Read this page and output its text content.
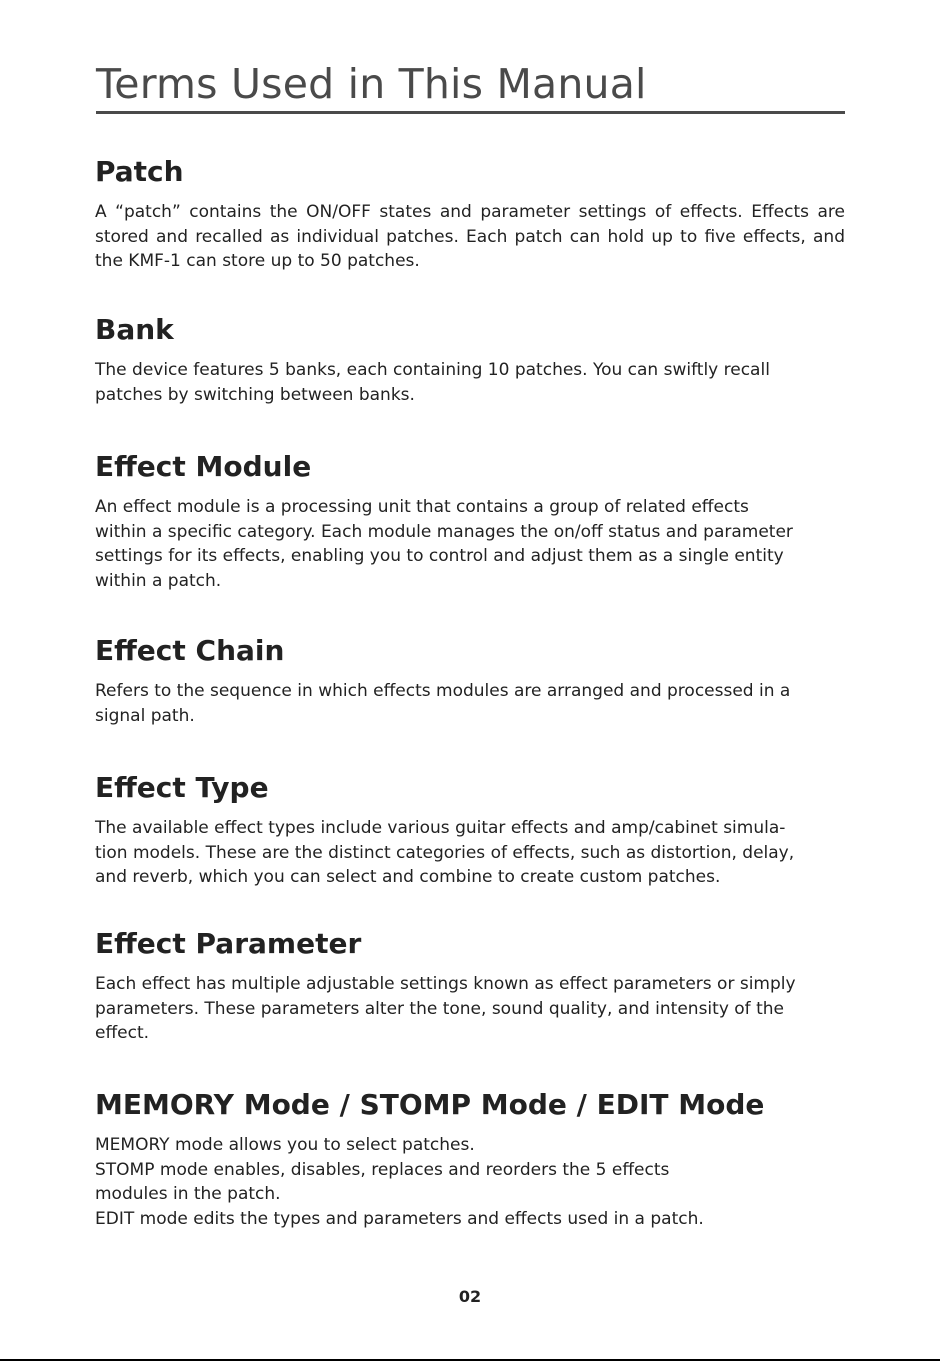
Terms Used in This Manual
Patch

A “patch” contains the ON/OFF states and parameter settings of effects. Effects are stored and recalled as individual patches. Each patch can hold up to five effects, and the KMF-1 can store up to 50 patches.

Bank

The device features 5 banks, each containing 10 patches. You can swiftly recall

patches by switching between banks.

Effect Module

An effect module is a processing unit that contains a group of related effects

within a specific category. Each module manages the on/off status and parameter

settings for its effects, enabling you to control and adjust them as a single entity

within a patch.

Effect Chain

Refers to the sequence in which effects modules are arranged and processed in a

signal path.

Effect Type

The available effect types include various guitar effects and amp/cabinet simula-

tion models. These are the distinct categories of effects, such as distortion, delay,

and reverb, which you can select and combine to create custom patches.

Effect Parameter

Each effect has multiple adjustable settings known as effect parameters or simply

parameters. These parameters alter the tone, sound quality, and intensity of the

effect.

MEMORY Mode / STOMP Mode / EDIT Mode

MEMORY mode allows you to select patches.

STOMP mode enables, disables, replaces and reorders the 5 effects

modules in the patch.

EDIT mode edits the types and parameters and effects used in a patch.

02
